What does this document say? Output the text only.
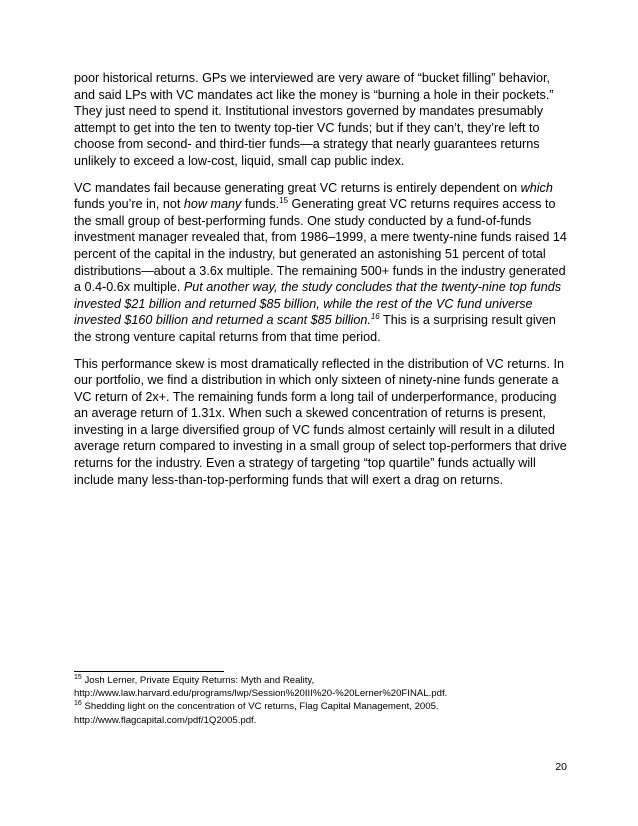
poor historical returns. GPs we interviewed are very aware of “bucket filling” behavior, and said LPs with VC mandates act like the money is “burning a hole in their pockets.” They just need to spend it. Institutional investors governed by mandates presumably attempt to get into the ten to twenty top-tier VC funds; but if they can’t, they’re left to choose from second- and third-tier funds—a strategy that nearly guarantees returns unlikely to exceed a low-cost, liquid, small cap public index.

VC mandates fail because generating great VC returns is entirely dependent on which funds you’re in, not how many funds.$^{15}$ Generating great VC returns requires access to the small group of best-performing funds. One study conducted by a fund-of-funds investment manager revealed that, from 1986–1999, a mere twenty-nine funds raised 14 percent of the capital in the industry, but generated an astonishing 51 percent of total distributions—about a 3.6x multiple. The remaining 500+ funds in the industry generated a 0.4-0.6x multiple. Put another way, the study concludes that the twenty-nine top funds invested $21 billion and returned $85 billion, while the rest of the VC fund universe invested $160 billion and returned a scant $85 billion.$^{16}$ This is a surprising result given the strong venture capital returns from that time period.

This performance skew is most dramatically reflected in the distribution of VC returns. In our portfolio, we find a distribution in which only sixteen of ninety-nine funds generate a VC return of 2x+. The remaining funds form a long tail of underperformance, producing an average return of 1.31x. When such a skewed concentration of returns is present, investing in a large diversified group of VC funds almost certainly will result in a diluted average return compared to investing in a small group of select top-performers that drive returns for the industry. Even a strategy of targeting “top quartile” funds actually will include many less-than-top-performing funds that will exert a drag on returns.

$^{15}$ Josh Lerner, Private Equity Returns: Myth and Reality,

http://www.law.harvard.edu/programs/lwp/Session%20III%20-%20Lerner%20FINAL.pdf.

$^{16}$ Shedding light on the concentration of VC returns, Flag Capital Management, 2005.

http://www.flagcapital.com/pdf/1Q2005.pdf.

20
